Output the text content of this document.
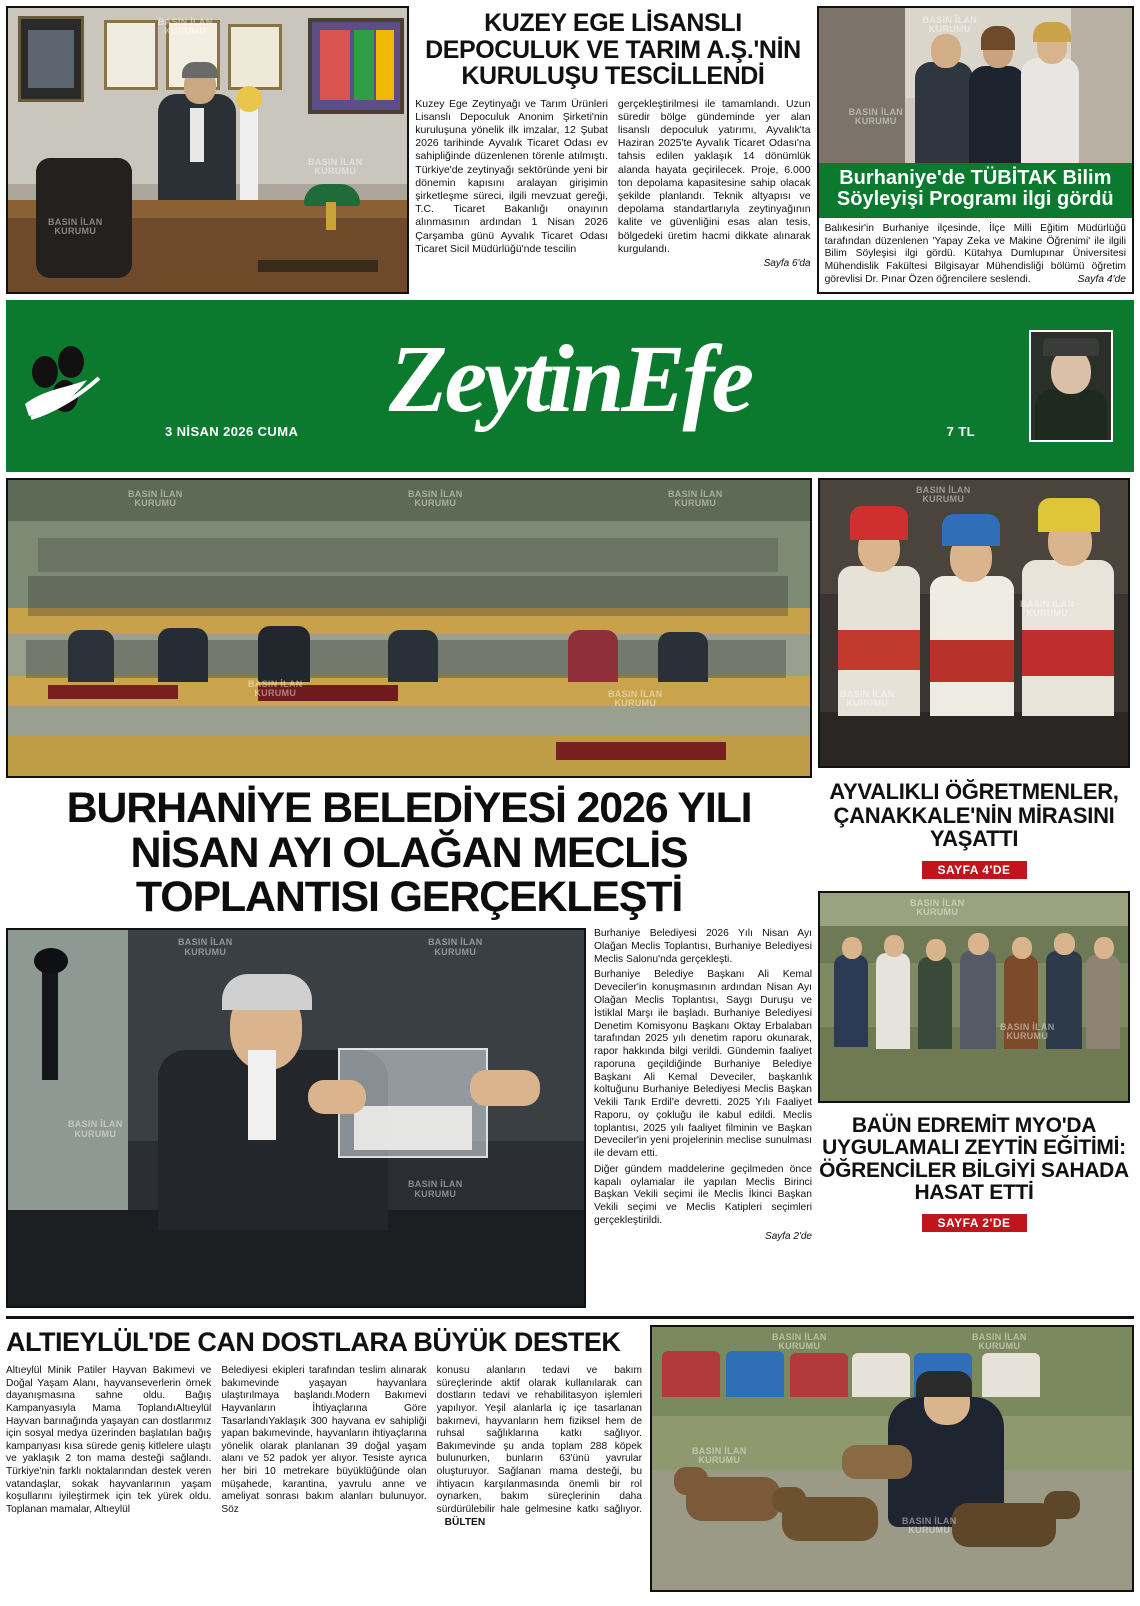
BASIN İLAN
KURUMU
BASIN İLAN
KURUMU
BASIN İLAN
KURUMU
KUZEY EGE LİSANSLI DEPOCULUK VE TARIM A.Ş.'NİN KURULUŞU TESCİLLENDİ
Kuzey Ege Zeytinyağı ve Tarım Ürünleri Lisanslı Depoculuk Anonim Şirketi'nin kuruluşuna yönelik ilk imzalar, 12 Şubat 2026 tarihinde Ayvalık Ticaret Odası ev sahipliğinde düzenlenen törenle atılmıştı. Türkiye'de zeytinyağı sektöründe yeni bir dönemin kapısını aralayan girişimin şirketleşme süreci, ilgili mevzuat gereği, T.C. Ticaret Bakanlığı onayının alınmasının ardından 1 Nisan 2026 Çarşamba günü Ayvalık Ticaret Odası Ticaret Sicil Müdürlüğü'nde tescilin
gerçekleştirilmesi ile tamamlandı. Uzun süredir bölge gündeminde yer alan lisanslı depoculuk yatırımı, Ayvalık'ta Haziran 2025'te Ayvalık Ticaret Odası'na tahsis edilen yaklaşık 14 dönümlük alanda hayata geçirilecek. Proje, 6.000 ton depolama kapasitesine sahip olacak şekilde planlandı. Teknik altyapısı ve depolama standartlarıyla zeytinyağının kalite ve güvenliğini esas alan tesis, bölgedeki üretim hacmi dikkate alınarak kurgulandı.
Sayfa 6'da
BASIN İLAN
KURUMU
BASIN İLAN
KURUMU
Burhaniye'de TÜBİTAK Bilim Söyleyişi Programı ilgi gördü
Balıkesir'in Burhaniye ilçesinde, İlçe Milli Eğitim Müdürlüğü tarafından düzenlenen 'Yapay Zeka ve Makine Öğrenimi' ile ilgili Bilim Söyleşisi ilgi gördü. Kütahya Dumlupınar Üniversitesi Mühendislik Fakültesi Bilgisayar Mühendisliği bölümü öğretim görevlisi Dr. Pınar Özen öğrencilere seslendi.	Sayfa 4'de
ZeytinEfe
3 NİSAN 2026 CUMA	7 TL
BASIN İLAN
KURUMU
BASIN İLAN
KURUMU
BASIN İLAN
KURUMU
BASIN İLAN
KURUMU	BASIN İLAN
KURUMU
BURHANİYE BELEDİYESİ 2026 YILI NİSAN AYI OLAĞAN MECLİS TOPLANTISI GERÇEKLEŞTİ
BASIN İLAN
KURUMU
BASIN İLAN
KURUMU
BASIN İLAN
KURUMU
BASIN İLAN
KURUMU

Burhaniye Belediyesi 2026 Yılı Nisan Ayı Olağan Meclis Toplantısı, Burhaniye Belediyesi Meclis Salonu'nda gerçekleşti.

Burhaniye Belediye Başkanı Ali Kemal Deveciler'in konuşmasının ardından Nisan Ayı Olağan Meclis Toplantısı, Saygı Duruşu ve İstiklal Marşı ile başladı. Burhaniye Belediyesi Denetim Komisyonu Başkanı Oktay Erbalaban tarafından 2025 yılı denetim raporu okunarak, rapor hakkında bilgi verildi. Gündemin faaliyet raporuna geçildiğinde Burhaniye Belediye Başkanı Ali Kemal Deveciler, başkanlık koltuğunu Burhaniye Belediyesi Meclis Başkan Vekili Tarık Erdil'e devretti. 2025 Yılı Faaliyet Raporu, oy çokluğu ile kabul edildi. Meclis toplantısı, 2025 yılı faaliyet filminin ve Başkan Deveciler'in yeni projelerinin meclise sunulması ile devam etti.

Diğer gündem maddelerine geçilmeden önce kapalı oylamalar ile yapılan Meclis Birinci Başkan Vekili seçimi ile Meclis İkinci Başkan Vekili seçimi ve Meclis Katipleri seçimleri gerçekleştirildi.

Sayfa 2'de
BASIN İLAN
KURUMU
BASIN İLAN
KURUMU
BASIN İLAN
KURUMU
AYVALIKLI ÖĞRETMENLER, ÇANAKKALE'NİN MİRASINI YAŞATTI
SAYFA 4'DE
BASIN İLAN
KURUMU
BASIN İLAN
KURUMU
BAÜN EDREMİT MYO'DA UYGULAMALI ZEYTİN EĞİTİMİ: ÖĞRENCİLER BİLGİYİ SAHADA HASAT ETTİ
SAYFA 2'DE
ALTIEYLÜL'DE CAN DOSTLARA BÜYÜK DESTEK
Altıeylül Minik Patiler Hayvan Bakımevi ve Doğal Yaşam Alanı, hayvanseverlerin örnek dayanışmasına sahne oldu. Bağış Kampanyasıyla Mama ToplandıAltıeylül Hayvan barınağında yaşayan can dostlarımız için sosyal medya üzerinden başlatılan bağış kampanyası kısa sürede geniş kitlelere ulaştı ve yaklaşık 2 ton mama desteği sağlandı. Türkiye'nin farklı noktalarından destek veren vatandaşlar, sokak hayvanlarının yaşam koşullarını iyileştirmek için tek yürek oldu. Toplanan mamalar, Altıeylül
Belediyesi ekipleri tarafından teslim alınarak bakımevinde yaşayan hayvanlara ulaştırılmaya başlandı.Modern Bakımevi Hayvanların İhtiyaçlarına Göre TasarlandıYaklaşık 300 hayvana ev sahipliği yapan bakımevinde, hayvanların ihtiyaçlarına yönelik olarak planlanan 39 doğal yaşam alanı ve 52 padok yer alıyor. Tesiste ayrıca her biri 10 metrekare büyüklüğünde olan müşahede, karantina, yavrulu anne ve ameliyat sonrası bakım alanları bulunuyor. Söz
konusu alanların tedavi ve bakım süreçlerinde aktif olarak kullanılarak can dostların tedavi ve rehabilitasyon işlemleri yapılıyor. Yeşil alanlarla iç içe tasarlanan bakımevi, hayvanların hem fiziksel hem de ruhsal sağlıklarına katkı sağlıyor. Bakımevinde şu anda toplam 288 köpek bulunurken, bunların 63'ünü yavrular oluşturuyor. Sağlanan mama desteği, bu ihtiyacın karşılanmasında önemli bir rol oynarken, bakım süreçlerinin daha sürdürülebilir hale gelmesine katkı sağlıyor. BÜLTEN
BASIN İLAN
KURUMU
BASIN İLAN
KURUMU
BASIN İLAN
KURUMU
BASIN İLAN
KURUMU
